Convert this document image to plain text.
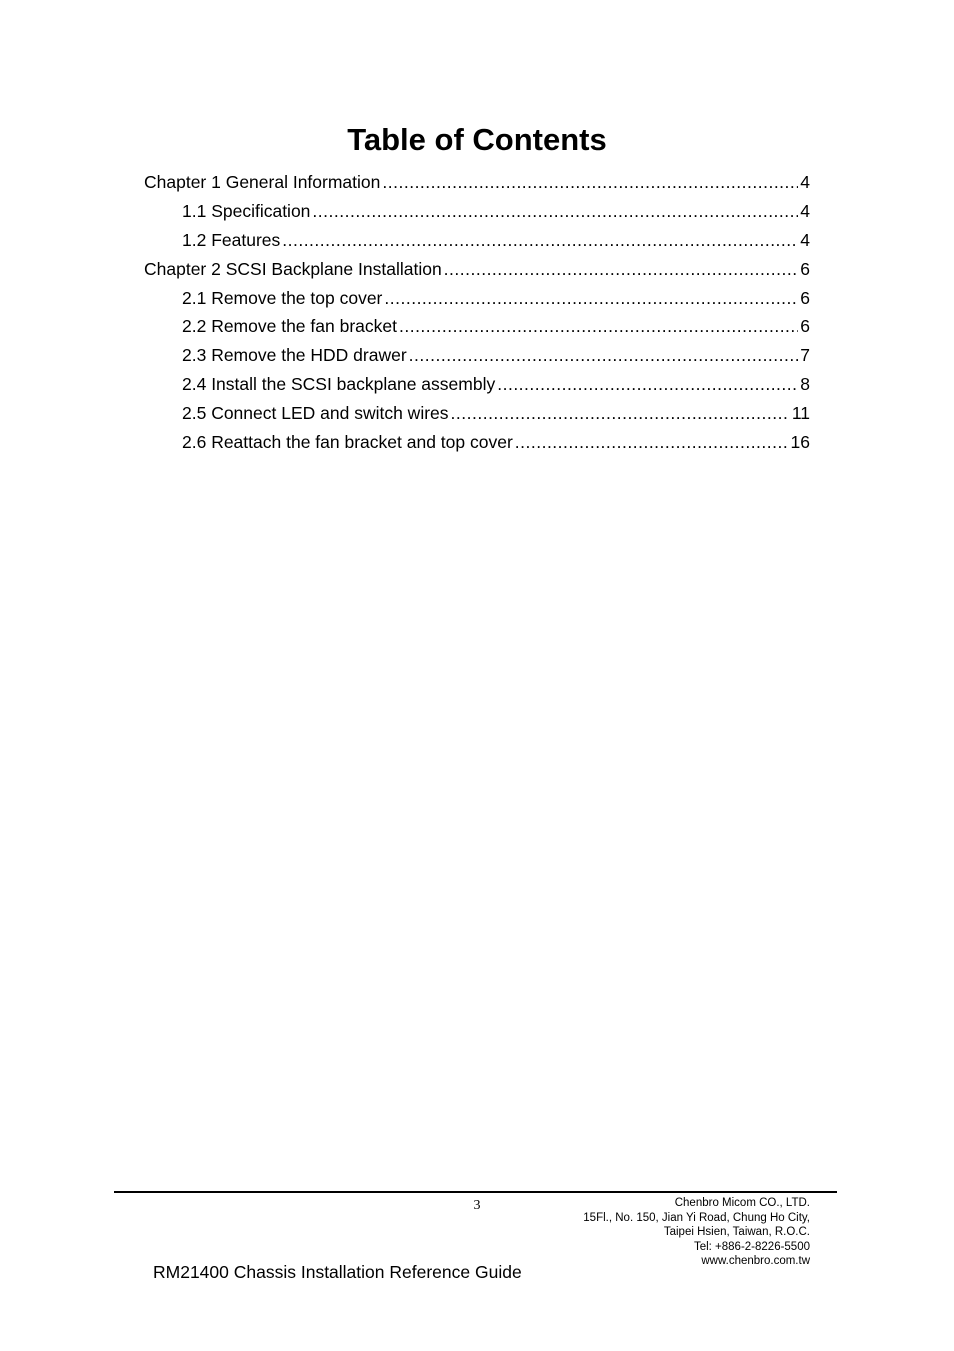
Table of Contents
Chapter 1 General Information .....	4
1.1 Specification .....	4
1.2 Features .....	4
Chapter 2 SCSI Backplane Installation .....	6
2.1 Remove the top cover .....	6
2.2 Remove the fan bracket .....	6
2.3 Remove the HDD drawer .....	7
2.4 Install the SCSI backplane assembly .....	8
2.5 Connect LED and switch wires .....	11
2.6 Reattach the fan bracket and top cover .....	16
3	Chenbro Micom CO., LTD.
15Fl., No. 150, Jian Yi Road, Chung Ho City,
Taipei Hsien, Taiwan, R.O.C.
Tel: +886-2-8226-5500
www.chenbro.com.tw
RM21400 Chassis Installation Reference Guide
